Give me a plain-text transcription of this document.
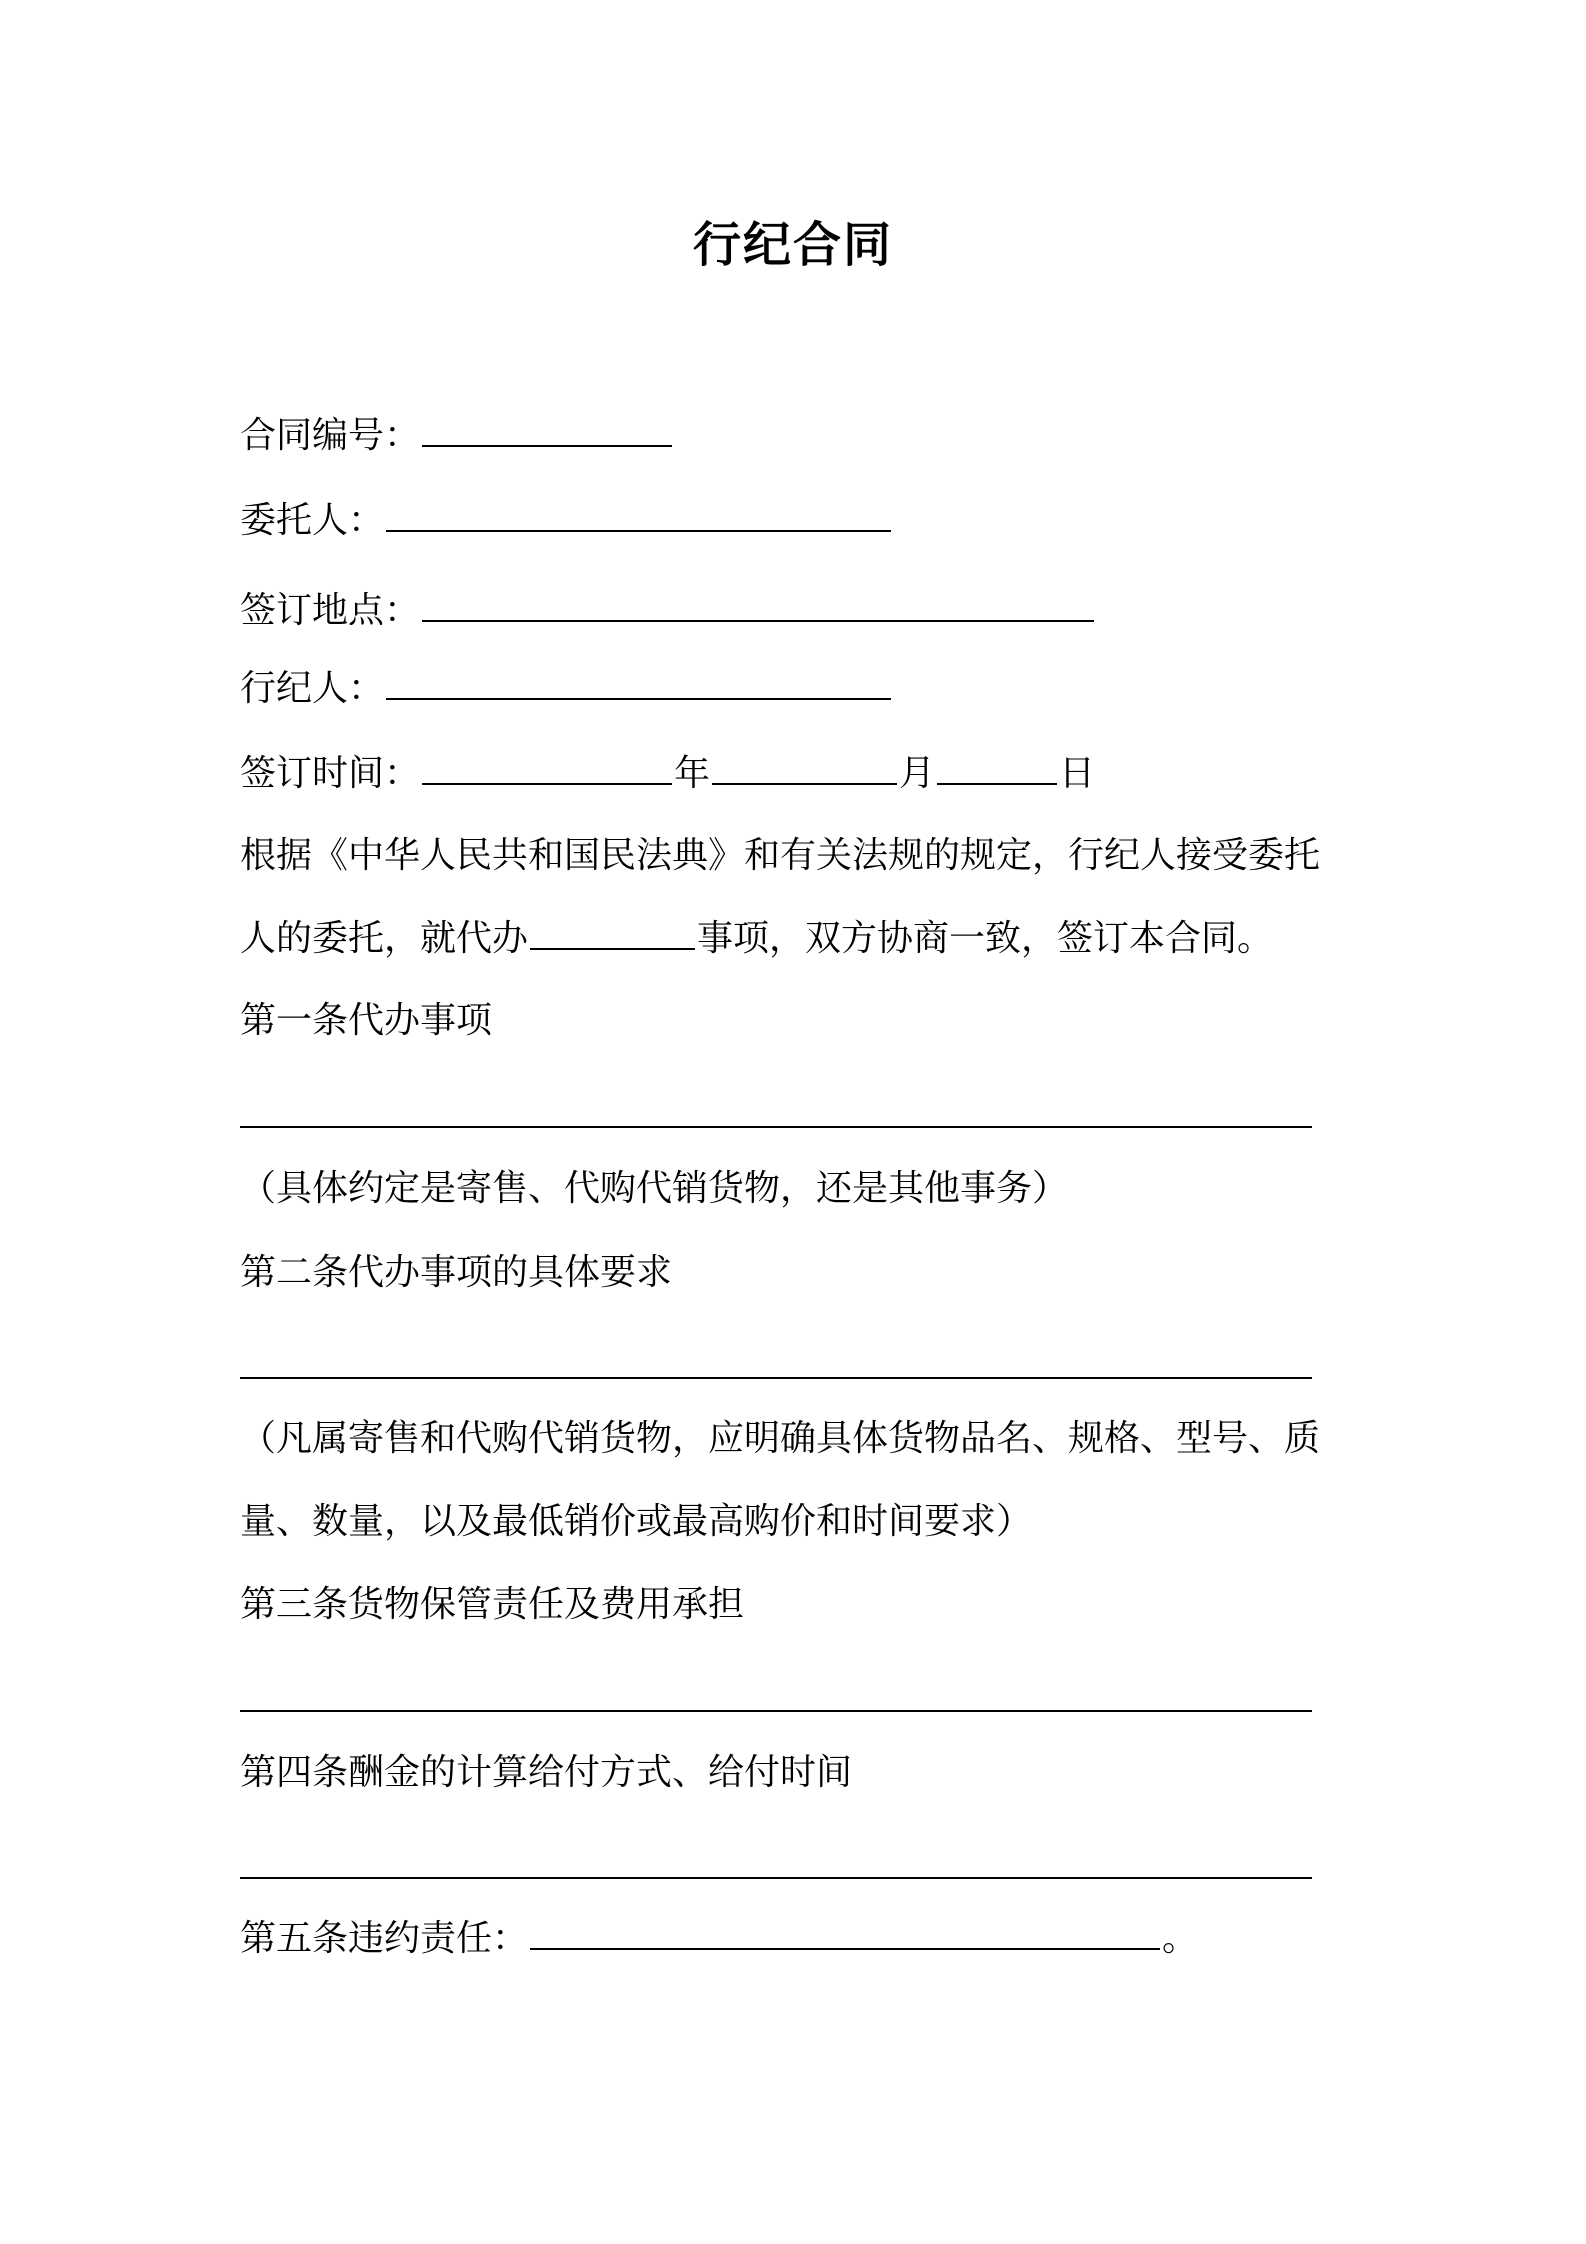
行纪合同
合同编号：
委托人：
签订地点：
行纪人：
签订时间：	年	月	日
根据《中华人民共和国民法典》和有关法规的规定，行纪人接受委托
人的委托，就代办	事项，双方协商一致，签订本合同。
第一条代办事项
（具体约定是寄售、代购代销货物，还是其他事务）
第二条代办事项的具体要求
（凡属寄售和代购代销货物，应明确具体货物品名、规格、型号、质
量、数量，以及最低销价或最高购价和时间要求）
第三条货物保管责任及费用承担
第四条酬金的计算给付方式、给付时间
第五条违约责任：	。
